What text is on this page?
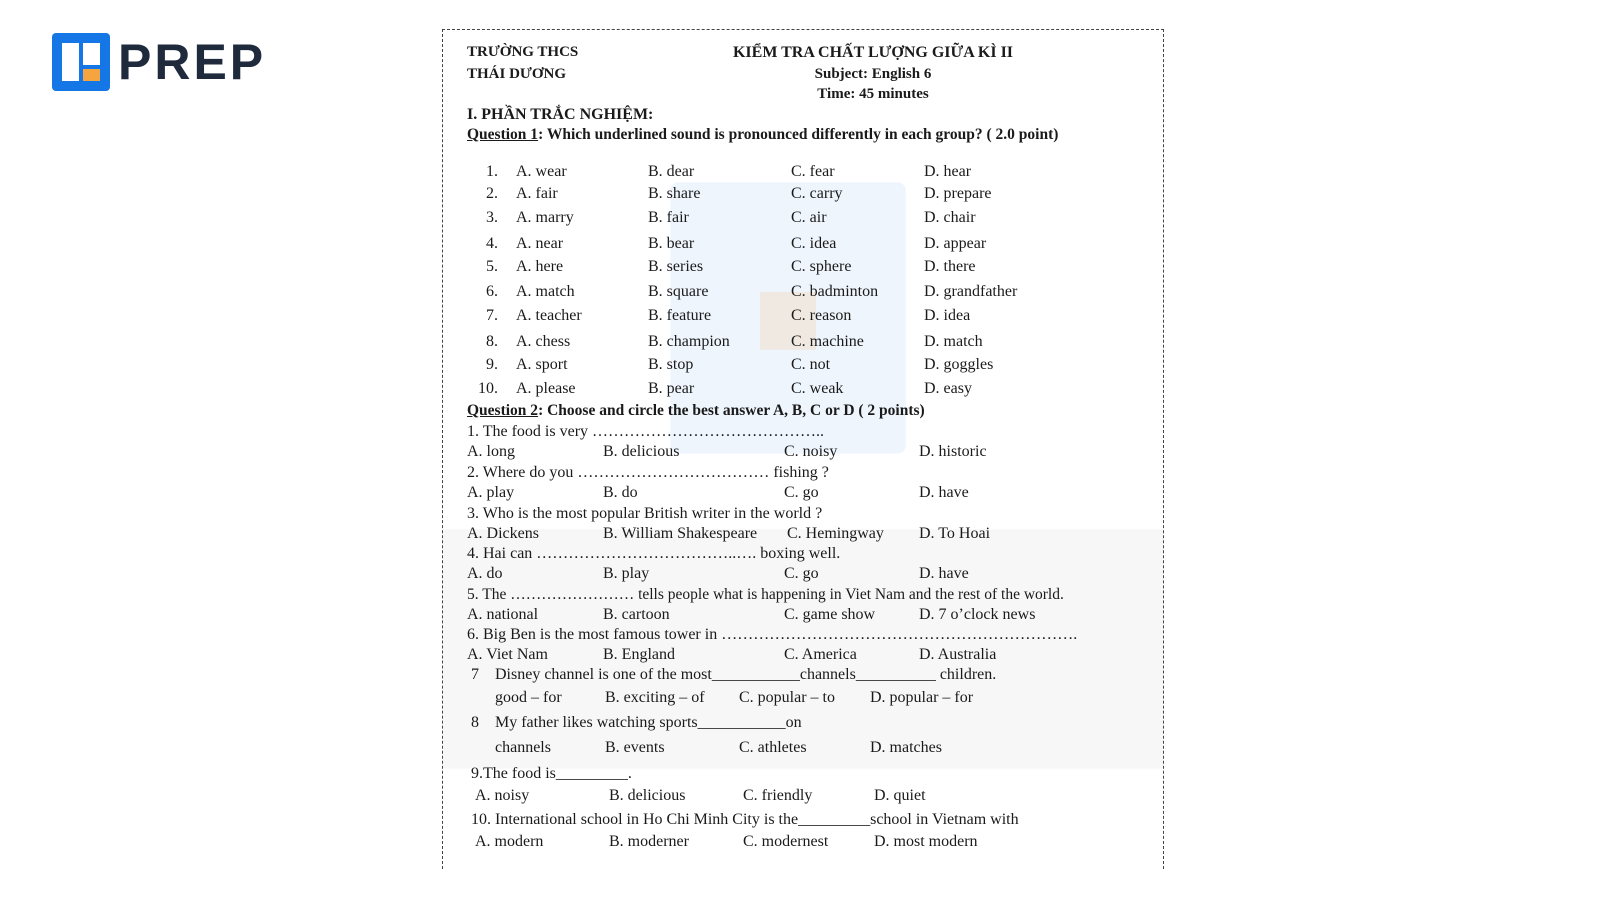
PREP	TRƯỜNG THCS
THÁI DƯƠNG
KIỂM TRA CHẤT LƯỢNG GIỮA KÌ II
Subject: English 6
Time: 45 minutes
I. PHẦN TRẮC NGHIỆM:
Question 1: Which underlined sound is pronounced differently in each group? ( 2.0 point)
1. A. wear	B. dear	C. fear	D. hear
2. A. fair	B. share	C. carry	D. prepare
3. A. marry	B. fair	C. air	D. chair
4. A. near	B. bear	C. idea	D. appear
5. A. here	B. series	C. sphere	D. there
6. A. match	B. square	C. badminton	D. grandfather
7. A. teacher	B. feature	C. reason	D. idea
8. A. chess	B. champion	C. machine	D. match
9. A. sport	B. stop	C. not	D. goggles
10. A. please	B. pear	C. weak	D. easy
Question 2: Choose and circle the best answer A, B, C or D ( 2 points)
1. The food is very ……………………………………..
A. long	B. delicious	C. noisy	D. historic
2. Where do you ……………………………… fishing ?
A. play	B. do	C. go	D. have
3. Who is the most popular British writer in the world ?
A. Dickens	B. William Shakespeare C. Hemingway D. To Hoai
4. Hai can ………………………………..…. boxing well.
A. do	B. play	C. go	D. have
5. The …………………… tells people what is happening in Viet Nam and the rest of the world.
A. national	B. cartoon	C. game show	D. 7 o’clock news
6. Big Ben is the most famous tower in ………………………………………………………….
A. Viet Nam	B. England	C. America	D. Australia
7 Disney channel is one of the most___________channels__________ children.
good – for	B. exciting – of C. popular – to D. popular – for
8 My father likes watching sports___________on
channels	B. events	C. athletes	D. matches
9.The food is_________.
A. noisy	B. delicious	C. friendly	D. quiet
10. International school in Ho Chi Minh City is the_________school in Vietnam with
A. modern	B. moderner	C. modernest	D. most modern
